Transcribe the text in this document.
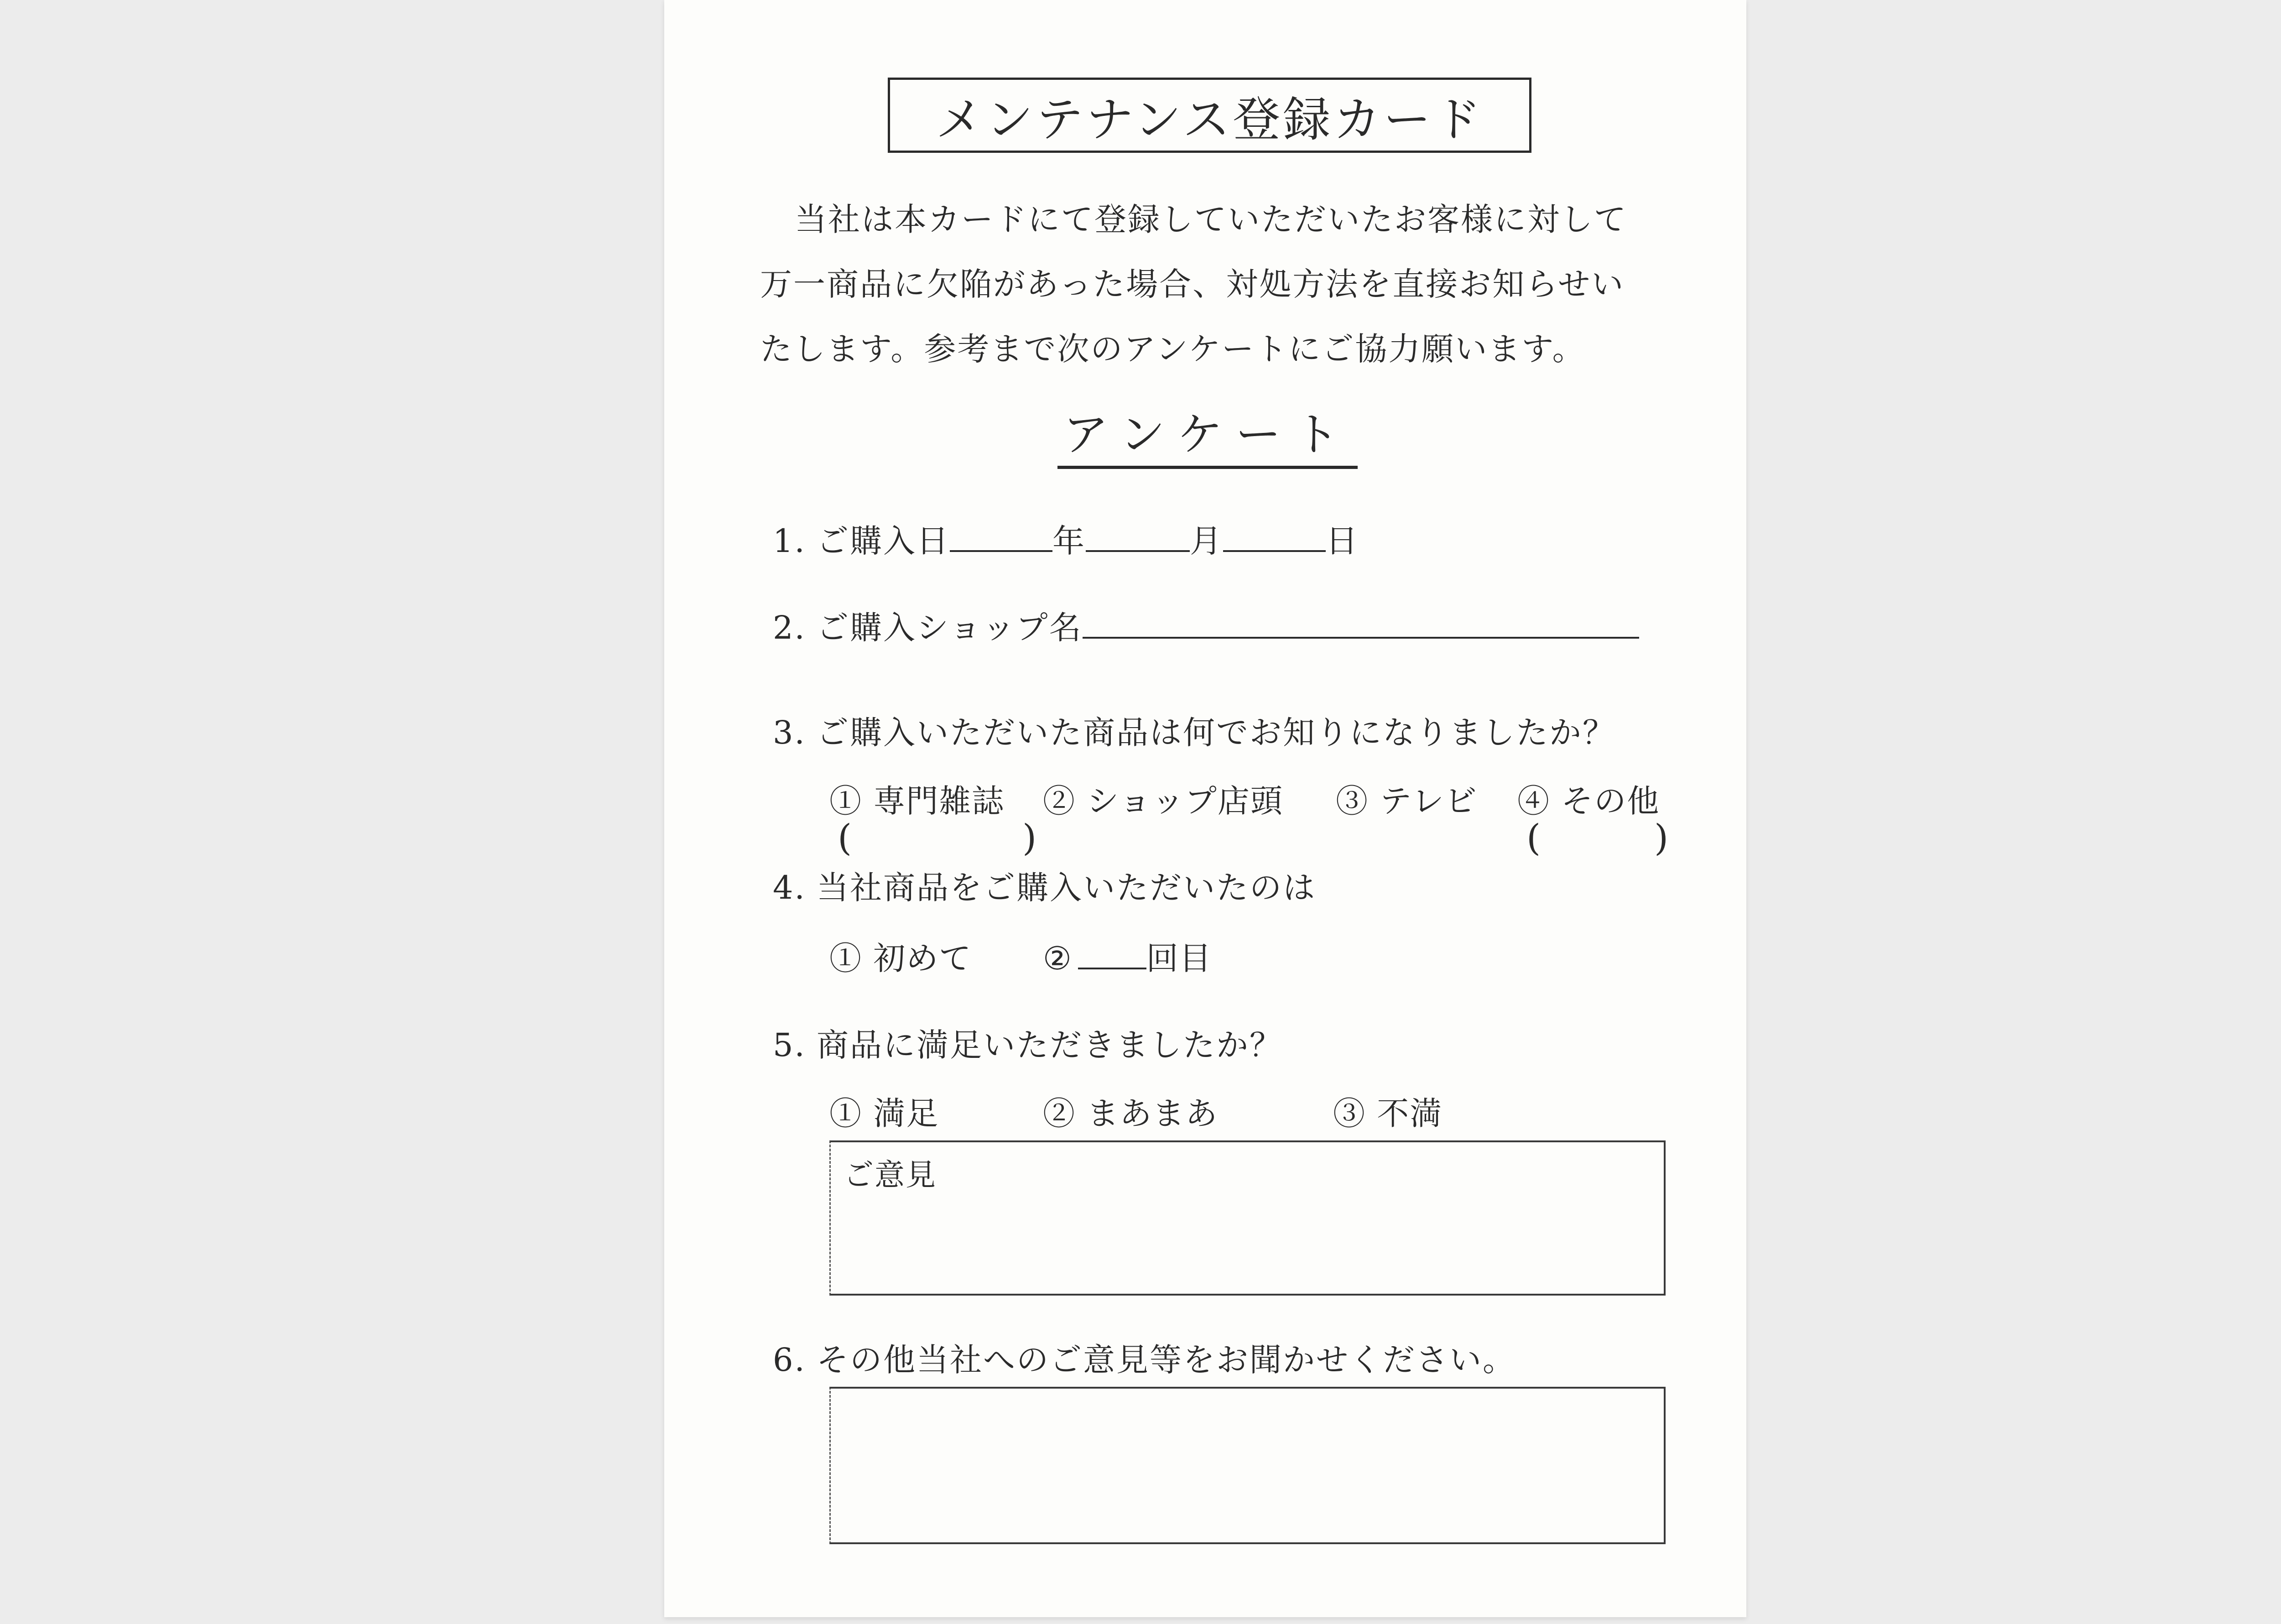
メンテナンス登録カード
当社は本カードにて登録していただいたお客様に対して
万一商品に欠陥があった場合、対処方法を直接お知らせい
たします。参考まで次のアンケートにご協力願います。
アンケート
1. ご購入日	年	月	日
2. ご購入ショップ名
3. ご購入いただいた商品は何でお知りになりましたか？
① 専門雑誌 ② ショップ店頭 ③ テレビ ④ その他
(	)	(	)
4. 当社商品をご購入いただいたのは
① 初めて ② 回目
5. 商品に満足いただきましたか？
① 満足	② まあまあ	③ 不満
ご意見
6. その他当社へのご意見等をお聞かせください。
